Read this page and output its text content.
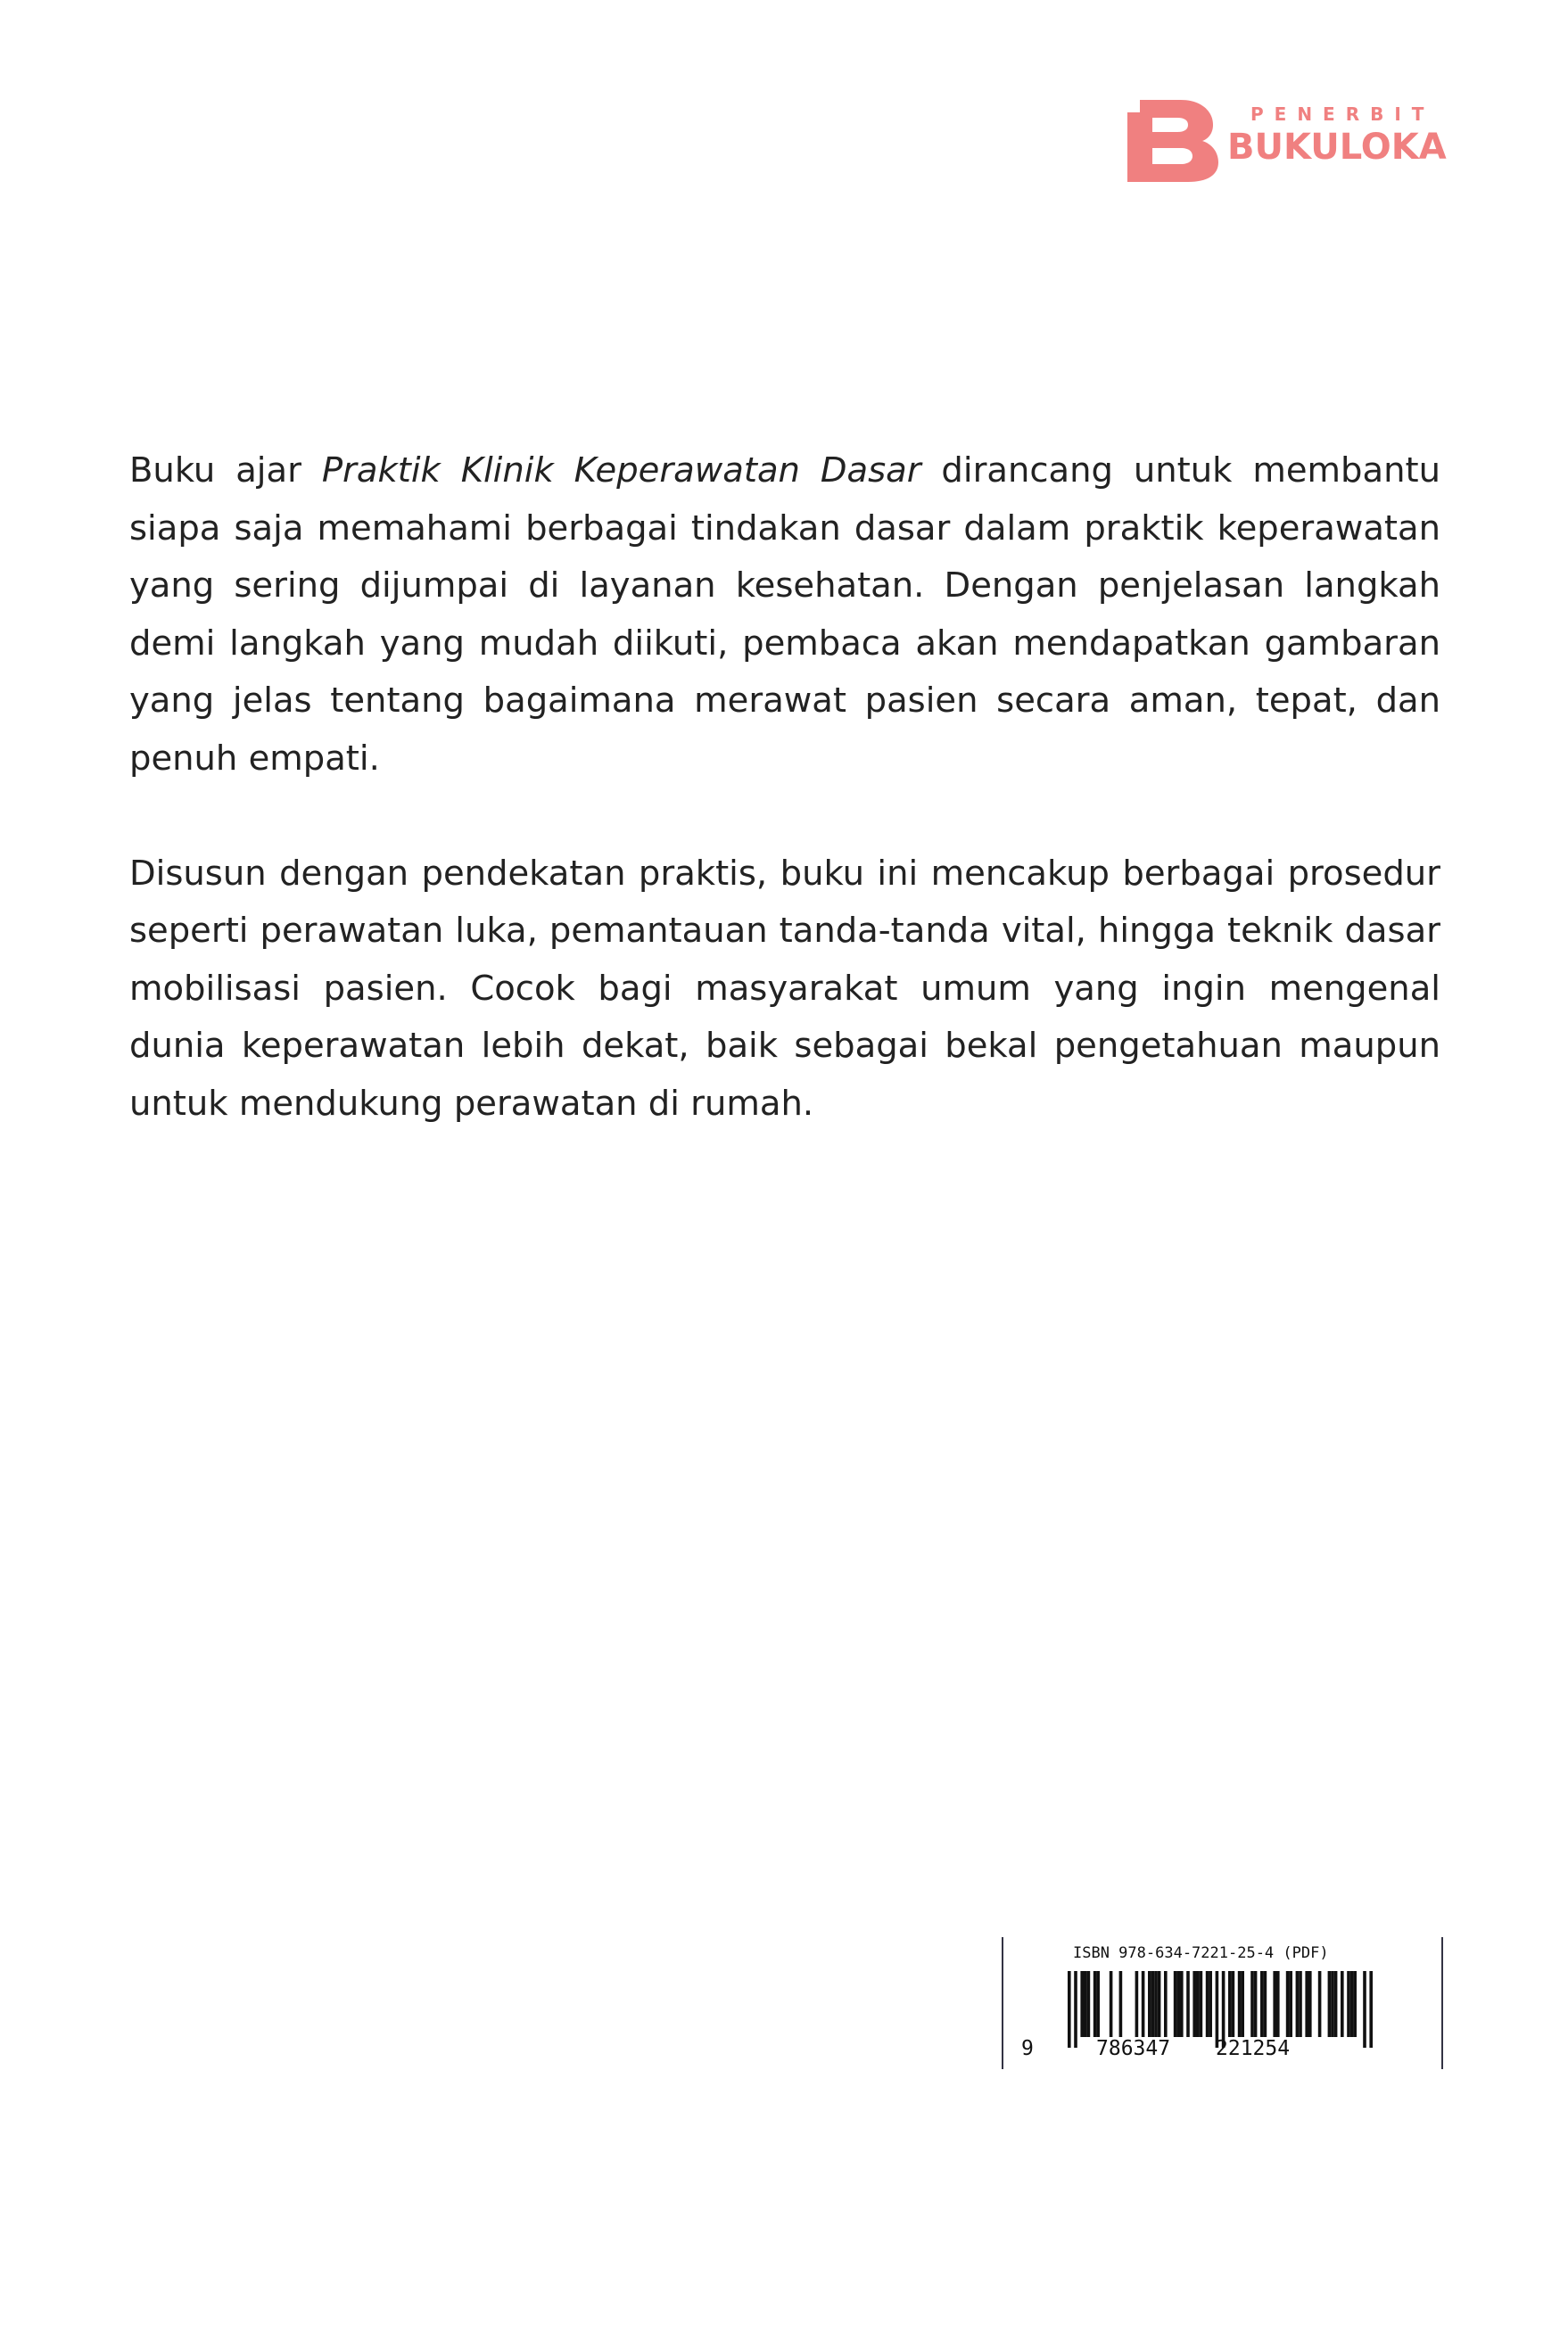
PENERBIT
BUKULOKA

Buku ajar Praktik Klinik Keperawatan Dasar dirancang untuk membantu siapa saja memahami berbagai tindakan dasar dalam praktik keperawatan yang sering dijumpai di layanan kesehatan. Dengan penjelasan langkah demi langkah yang mudah diikuti, pembaca akan mendapatkan gambaran yang jelas tentang bagaimana merawat pasien secara aman, tepat, dan penuh empati.

Disusun dengan pendekatan praktis, buku ini mencakup berbagai prosedur seperti perawatan luka, pemantauan tanda-tanda vital, hingga teknik dasar mobilisasi pasien. Cocok bagi masyarakat umum yang ingin mengenal dunia keperawatan lebih dekat, baik sebagai bekal pengetahuan maupun untuk mendukung perawatan di rumah.

ISBN 978-634-7221-25-4 (PDF)
9	786347 221254
